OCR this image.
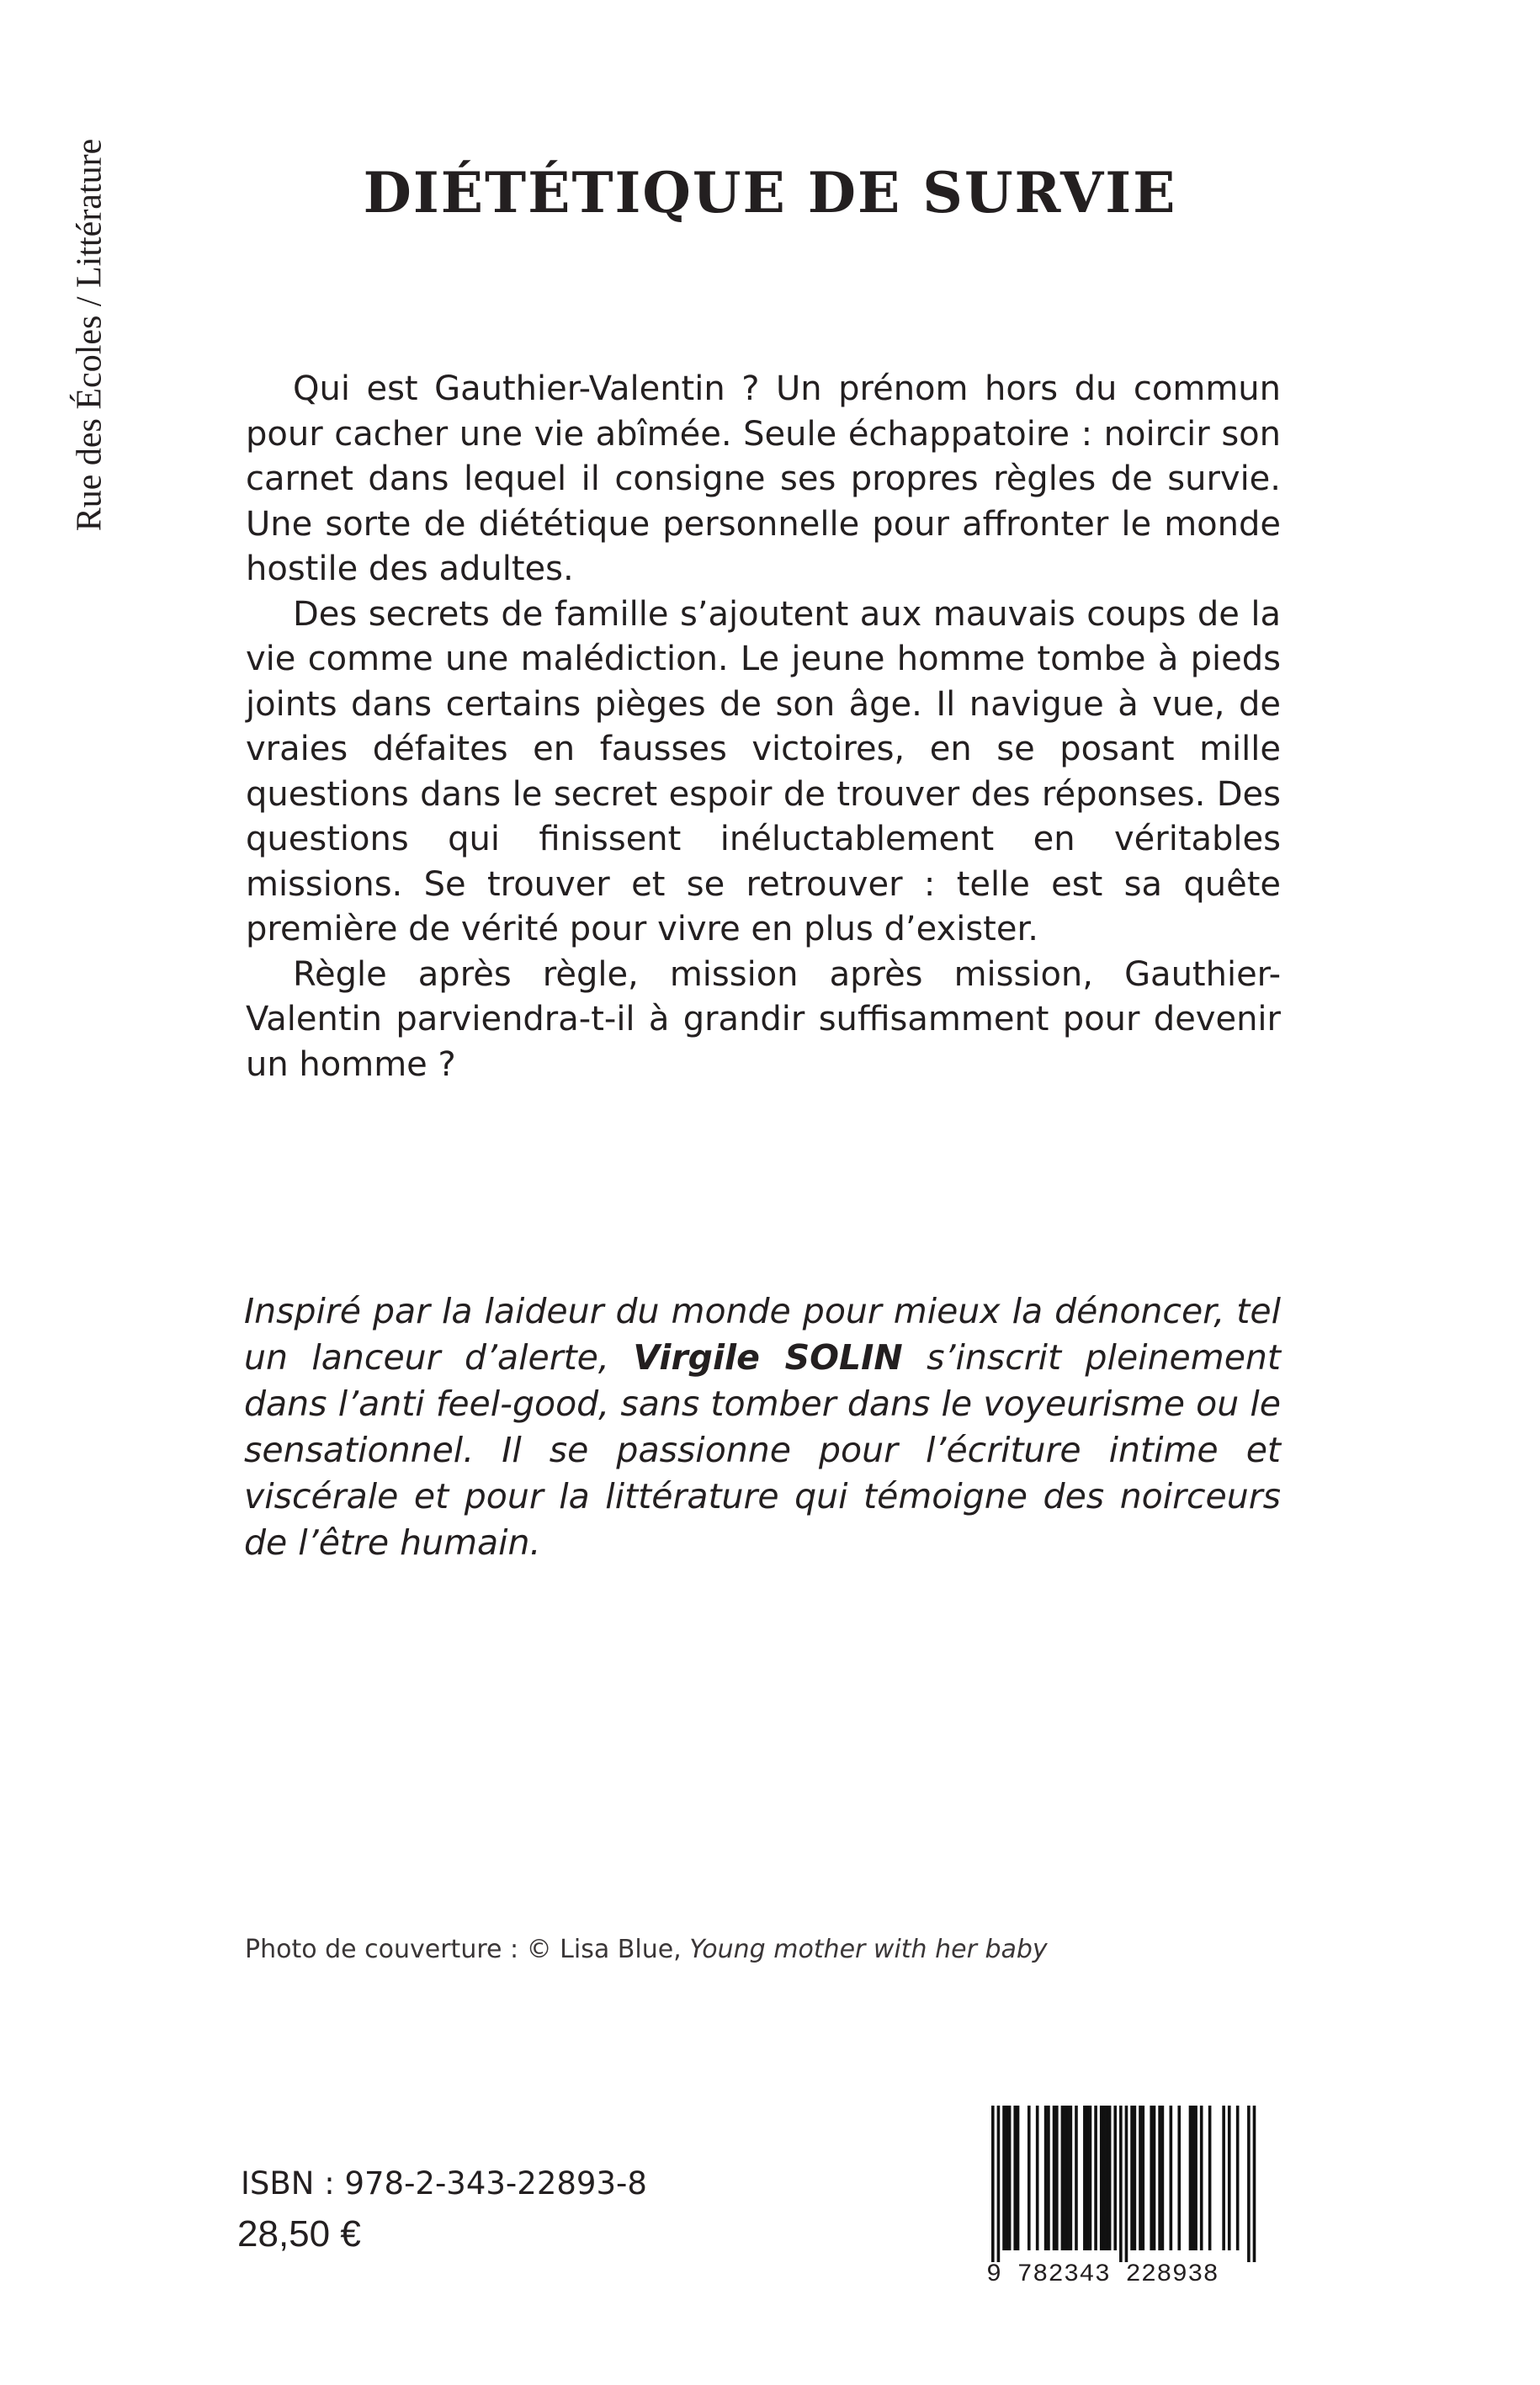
Rue des Écoles / Littérature	DIÉTÉTIQUE DE SURVIE

Qui est Gauthier-Valentin ? Un prénom hors du commun pour cacher une vie abîmée. Seule échappatoire : noircir son carnet dans lequel il consigne ses propres règles de survie. Une sorte de diététique personnelle pour affronter le monde hostile des adultes.

Des secrets de famille s’ajoutent aux mauvais coups de la vie comme une malédiction. Le jeune homme tombe à pieds joints dans certains pièges de son âge. Il navigue à vue, de vraies défaites en fausses victoires, en se posant mille questions dans le secret espoir de trouver des réponses. Des questions qui finissent inéluctablement en véritables missions. Se trouver et se retrouver : telle est sa quête première de vérité pour vivre en plus d’exister.

Règle après règle, mission après mission, Gauthier-Valentin parviendra-t-il à grandir suffisamment pour devenir un homme ?

Inspiré par la laideur du monde pour mieux la dénoncer, tel un lanceur d’alerte, Virgile SOLIN s’inscrit pleinement dans l’anti feel-good, sans tomber dans le voyeurisme ou le sensationnel. Il se passionne pour l’écriture intime et viscérale et pour la littérature qui témoigne des noirceurs de l’être humain.
Photo de couverture : © Lisa Blue, Young mother with her baby
ISBN : 978-2-343-22893-8
28,50 €
9 782343 228938
